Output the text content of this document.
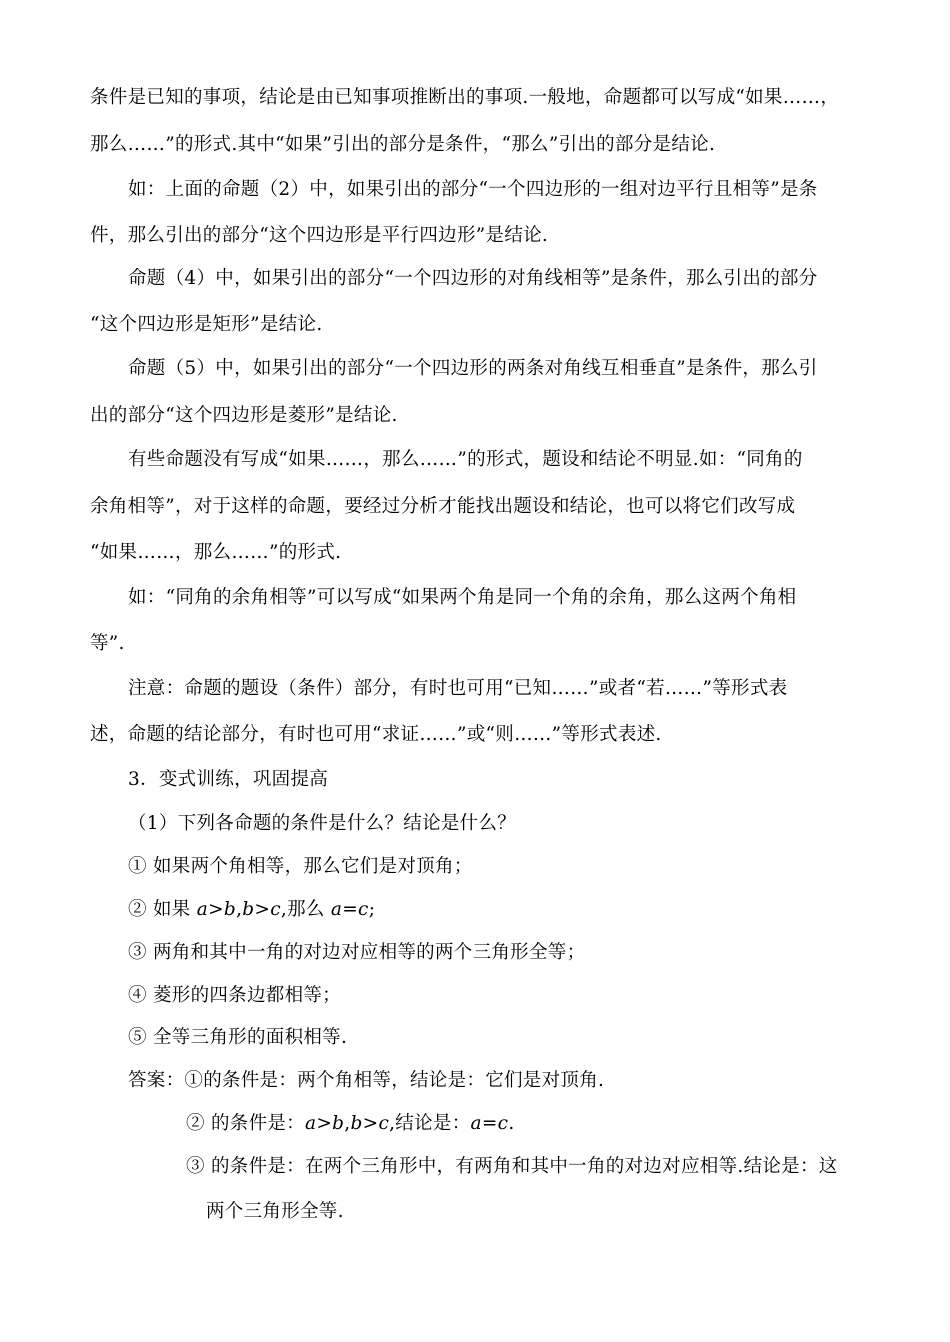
条件是已知的事项，结论是由已知事项推断出的事项.一般地，命题都可以写成“如果……，
那么……”的形式.其中“如果”引出的部分是条件，“那么”引出的部分是结论.
如：上面的命题（2）中，如果引出的部分“一个四边形的一组对边平行且相等”是条
件，那么引出的部分“这个四边形是平行四边形”是结论.
命题（4）中，如果引出的部分“一个四边形的对角线相等”是条件，那么引出的部分
“这个四边形是矩形”是结论.
命题（5）中，如果引出的部分“一个四边形的两条对角线互相垂直”是条件，那么引
出的部分“这个四边形是菱形”是结论.
有些命题没有写成“如果……，那么……”的形式，题设和结论不明显.如：“同角的
余角相等”，对于这样的命题，要经过分析才能找出题设和结论，也可以将它们改写成
“如果……，那么……”的形式.
如：“同角的余角相等”可以写成“如果两个角是同一个角的余角，那么这两个角相
等”.
注意：命题的题设（条件）部分，有时也可用“已知……”或者“若……”等形式表
述，命题的结论部分，有时也可用“求证……”或“则……”等形式表述.
3．变式训练，巩固提高
（1）下列各命题的条件是什么？结论是什么？
① 如果两个角相等，那么它们是对顶角；
② 如果 a>b,b>c,那么 a=c;
③ 两角和其中一角的对边对应相等的两个三角形全等；
④ 菱形的四条边都相等；
⑤ 全等三角形的面积相等.
答案：①的条件是：两个角相等，结论是：它们是对顶角.
② 的条件是：a>b,b>c,结论是：a=c.
③ 的条件是：在两个三角形中，有两角和其中一角的对边对应相等.结论是：这
两个三角形全等.
